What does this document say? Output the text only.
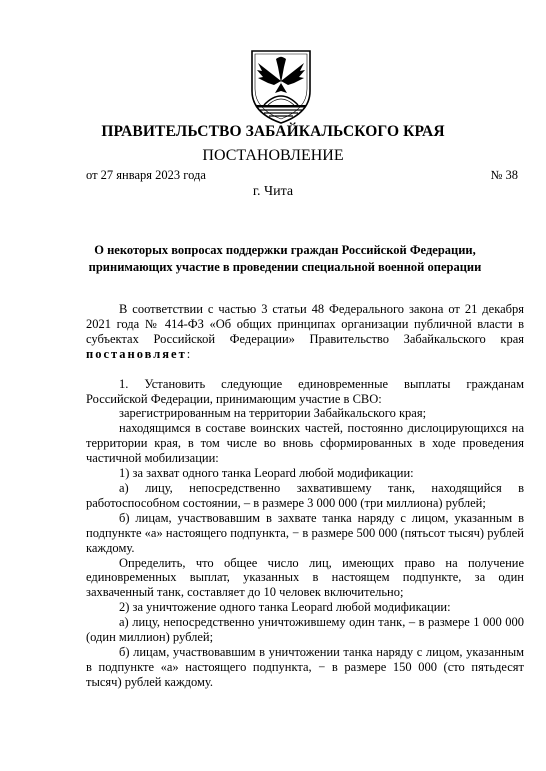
ПРАВИТЕЛЬСТВО ЗАБАЙКАЛЬСКОГО КРАЯ
ПОСТАНОВЛЕНИЕ
от 27 января 2023 года	№ 38
г. Чита
О некоторых вопросах поддержки граждан Российской Федерации,
принимающих участие в проведении специальной военной операции

В соответствии с частью 3 статьи 48 Федерального закона от 21 декабря 2021 года № 414-ФЗ «Об общих принципах организации публичной власти в субъектах Российской Федерации» Правительство Забайкальского края постановляет:

1. Установить следующие единовременные выплаты гражданам Российской Федерации, принимающим участие в СВО:

зарегистрированным на территории Забайкальского края;

находящимся в составе воинских частей, постоянно дислоцирующихся на территории края, в том числе во вновь сформированных в ходе проведения частичной мобилизации:

1) за захват одного танка Leopard любой модификации:

а) лицу, непосредственно захватившему танк, находящийся в работоспособном состоянии, – в размере 3 000 000 (три миллиона) рублей;

б) лицам, участвовавшим в захвате танка наряду с лицом, указанным в подпункте «а» настоящего подпункта, − в размере 500 000 (пятьсот тысяч) рублей каждому.

Определить, что общее число лиц, имеющих право на получение единовременных выплат, указанных в настоящем подпункте, за один захваченный танк, составляет до 10 человек включительно;

2) за уничтожение одного танка Leopard любой модификации:

а) лицу, непосредственно уничтожившему один танк, – в размере 1 000 000 (один миллион) рублей;

б) лицам, участвовавшим в уничтожении танка наряду с лицом, указанным в подпункте «а» настоящего подпункта, − в размере 150 000 (сто пятьдесят тысяч) рублей каждому.
